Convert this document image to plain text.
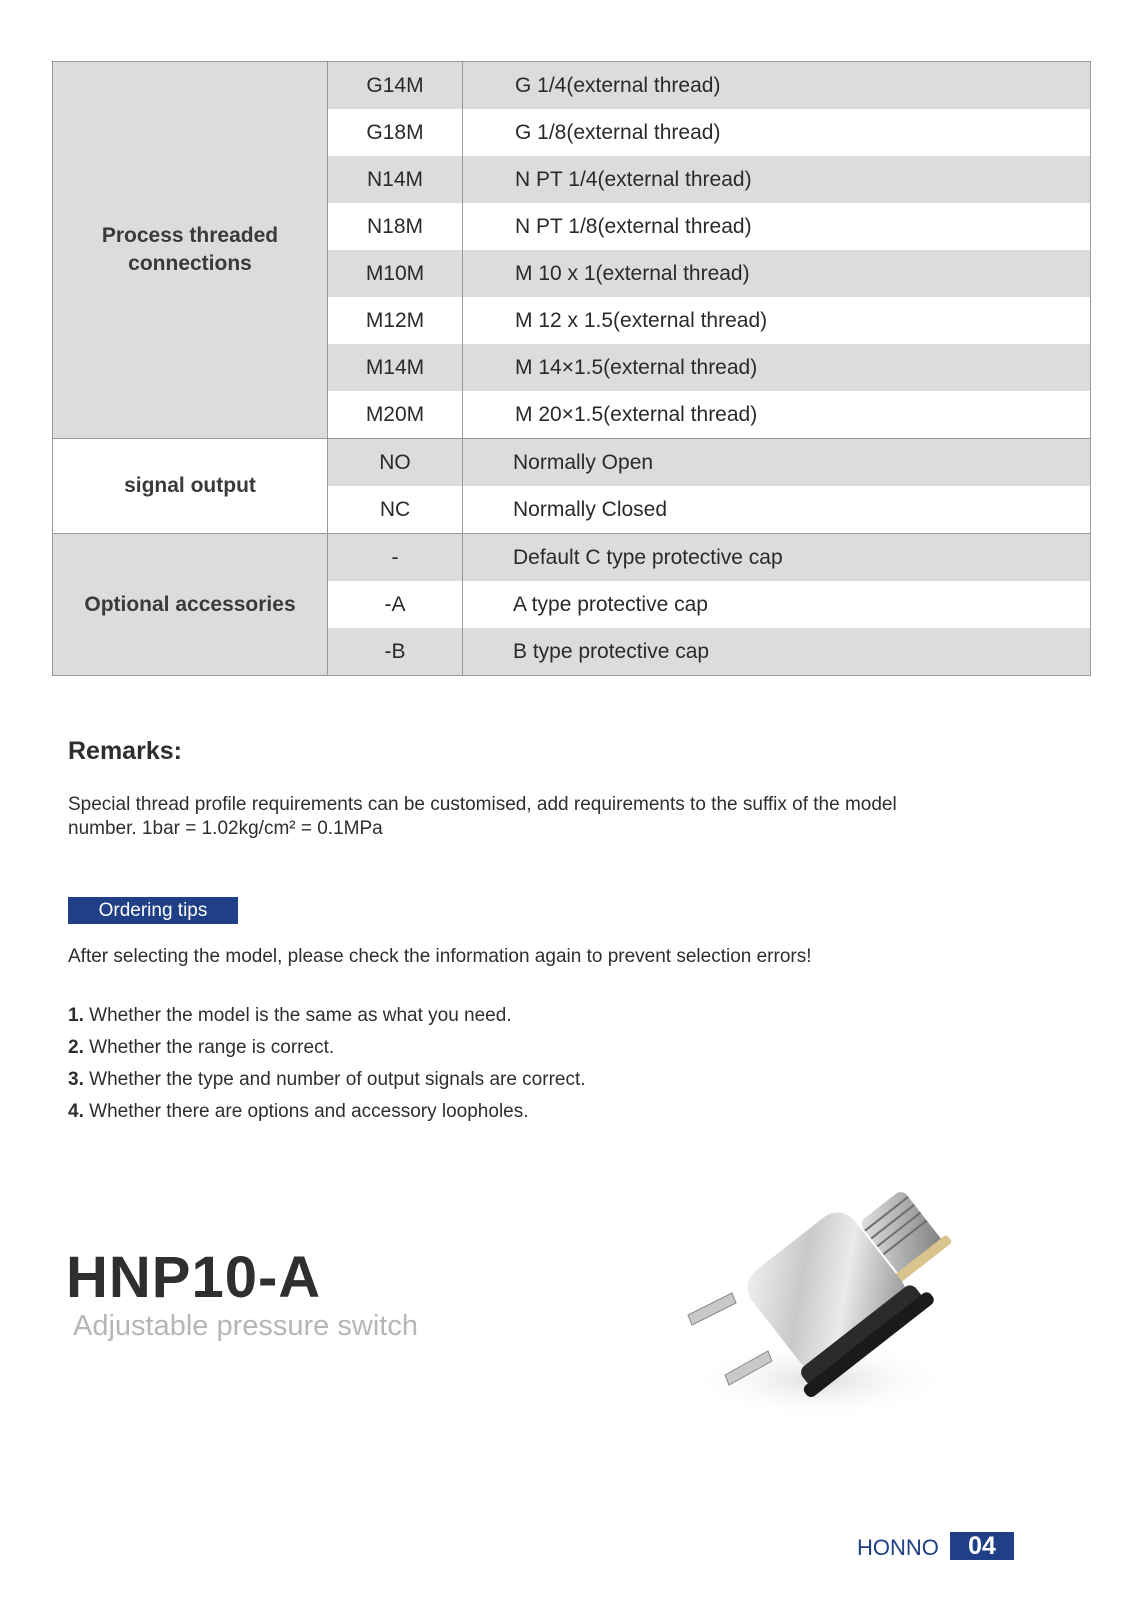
Process threaded
connections	G14M	G 1/4(external thread)
	G18M	G 1/8(external thread)
	N14M	N PT 1/4(external thread)
	N18M	N PT 1/8(external thread)
	M10M	M 10 x 1(external thread)
	M12M	M 12 x 1.5(external thread)
	M14M	M 14×1.5(external thread)
	M20M	M 20×1.5(external thread)
signal output	NO	Normally Open
	NC	Normally Closed
Optional accessories	-	Default C type protective cap
	-A	A type protective cap
	-B	B type protective cap
Remarks:
Special thread profile requirements can be customised, add requirements to the suffix of the model number. 1bar = 1.02kg/cm² = 0.1MPa
Ordering tips
After selecting the model, please check the information again to prevent selection errors!
1. Whether the model is the same as what you need.
2. Whether the range is correct.
3. Whether the type and number of output signals are correct.
4. Whether there are options and accessory loopholes.
HNP10-A
Adjustable pressure switch
HONNO	04
